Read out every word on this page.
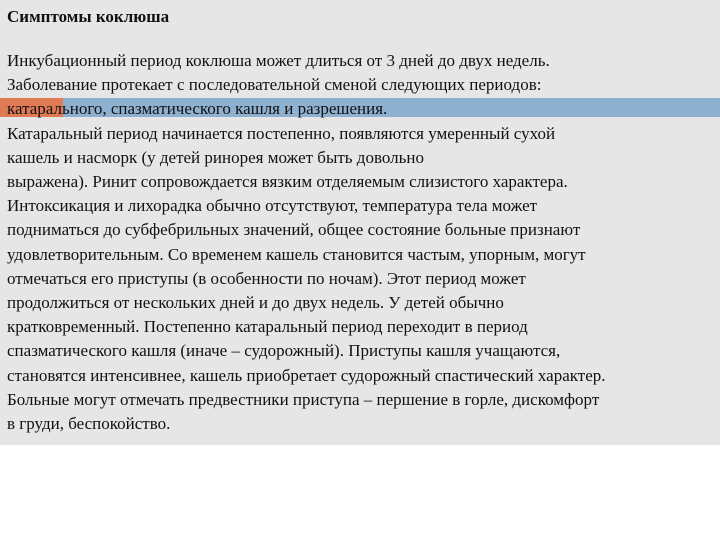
Симптомы коклюша
Инкубационный период коклюша может длиться от 3 дней до двух недель.
Заболевание протекает с последовательной сменой следующих периодов:
катарального, спазматического кашля и разрешения.
Катаральный период начинается постепенно, появляются умеренный сухой
кашель и насморк (у детей ринорея может быть довольно
выражена). Ринит сопровождается вязким отделяемым слизистого характера.
Интоксикация и лихорадка обычно отсутствуют, температура тела может
подниматься до субфебрильных значений, общее состояние больные признают
удовлетворительным. Со временем кашель становится частым, упорным, могут
отмечаться его приступы (в особенности по ночам). Этот период может
продолжиться от нескольких дней и до двух недель. У детей обычно
кратковременный. Постепенно катаральный период переходит в период
спазматического кашля (иначе – судорожный). Приступы кашля учащаются,
становятся интенсивнее, кашель приобретает судорожный спастический характер.
Больные могут отмечать предвестники приступа – першение в горле, дискомфорт
в груди, беспокойство.
